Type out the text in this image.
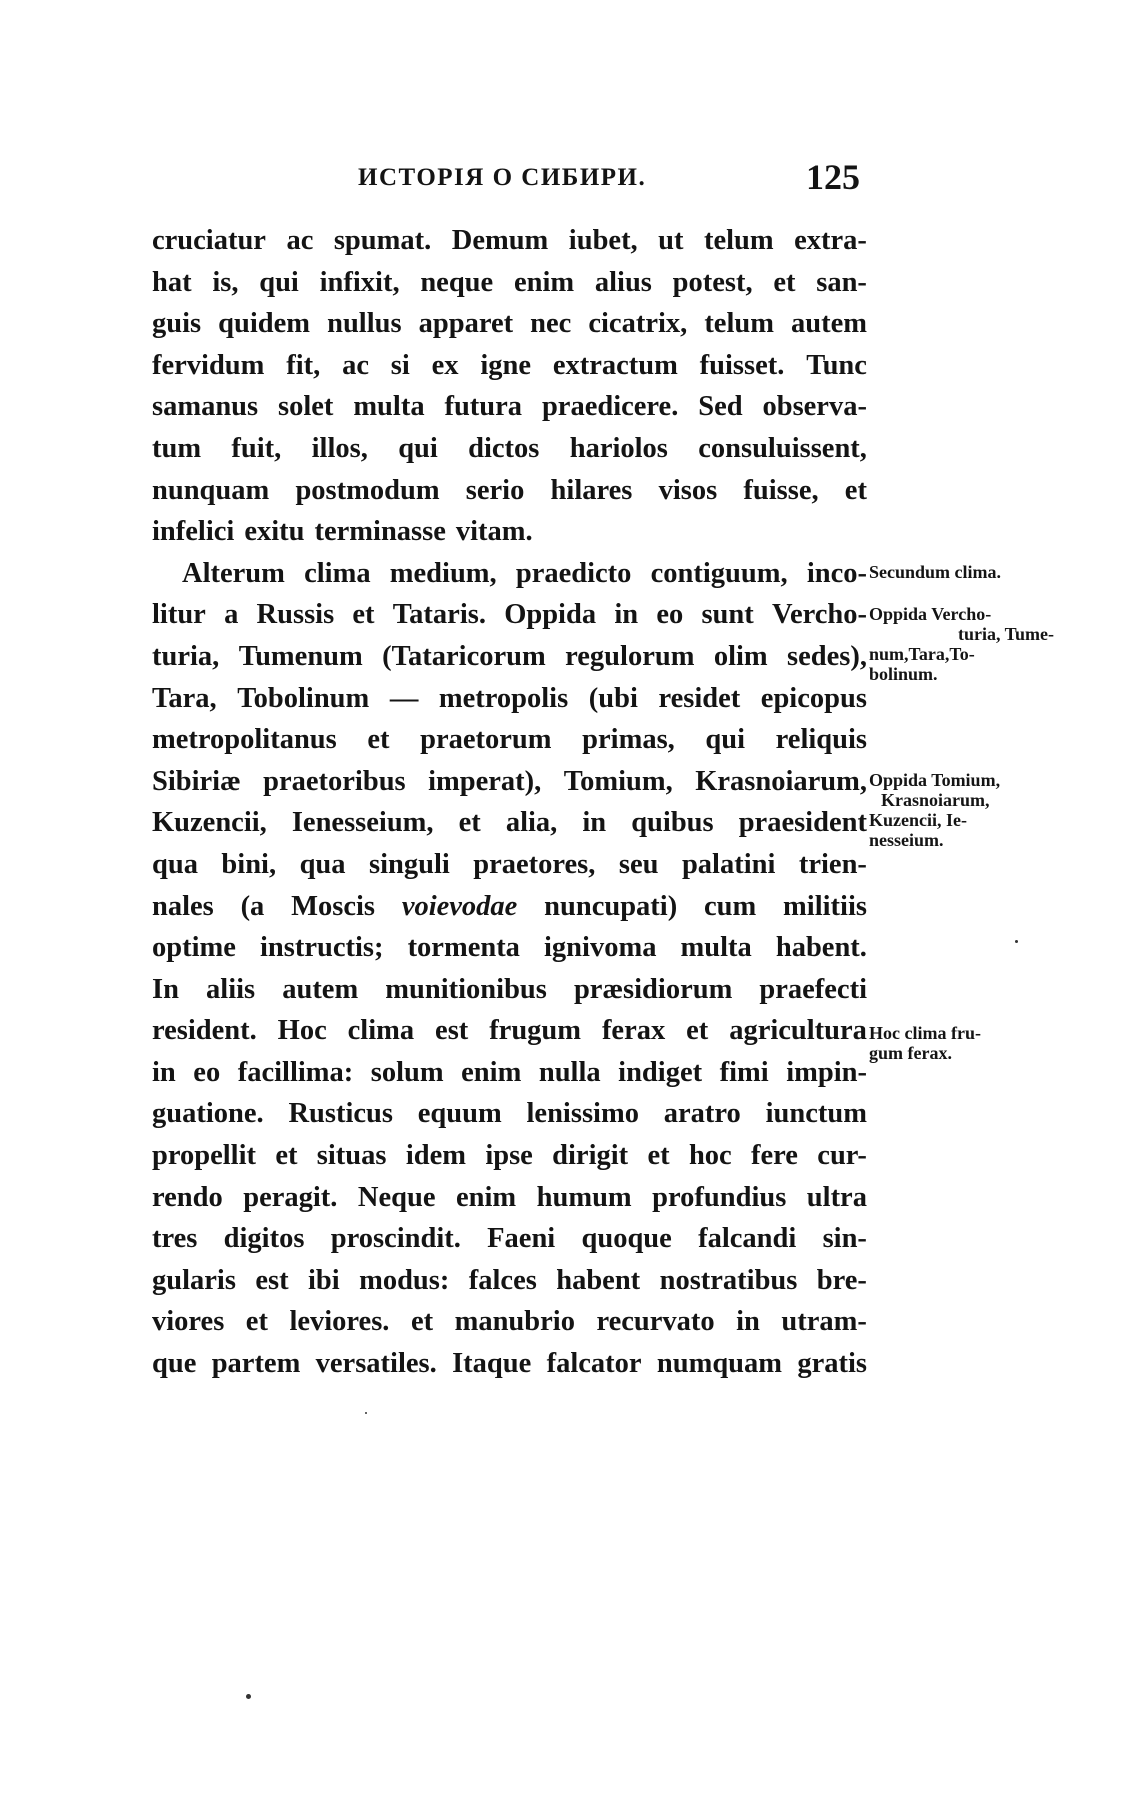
ИСТОРIЯ О СИБИРИ.	125
cruciatur ac spumat. Demum iubet, ut telum extra-
hat is, qui infixit, neque enim alius potest, et san-
guis quidem nullus apparet nec cicatrix, telum autem
fervidum fit, ac si ex igne extractum fuisset. Tunc
samanus solet multa futura praedicere. Sed observa-
tum fuit, illos, qui dictos hariolos consuluissent,
nunquam postmodum serio hilares visos fuisse, et
infelici exitu terminasse vitam.
Alterum clima medium, praedicto contiguum, inco-
litur a Russis et Tataris. Oppida in eo sunt Vercho-
turia, Tumenum (Tataricorum regulorum olim sedes),
Tara, Tobolinum — metropolis (ubi residet epicopus
metropolitanus et praetorum primas, qui reliquis
Sibiriæ praetoribus imperat), Tomium, Krasnoiarum,
Kuzencii, Ienesseium, et alia, in quibus praesident
qua bini, qua singuli praetores, seu palatini trien-
nales (a Moscis voievodae nuncupati) cum militiis
optime instructis; tormenta ignivoma multa habent.
In aliis autem munitionibus præsidiorum praefecti
resident. Hoc clima est frugum ferax et agricultura
in eo facillima: solum enim nulla indiget fimi impin-
guatione. Rusticus equum lenissimo aratro iunctum
propellit et situas idem ipse dirigit et hoc fere cur-
rendo peragit. Neque enim humum profundius ultra
tres digitos proscindit. Faeni quoque falcandi sin-
gularis est ibi modus: falces habent nostratibus bre-
viores et leviores. et manubrio recurvato in utram-
que partem versatiles. Itaque falcator numquam gratis
Secundum clima.
Oppida Vercho-
turia, Tume-
num,Tara,To-
bolinum.
Oppida Tomium,
Krasnoiarum,
Kuzencii, Ie-
nesseium.
Hoc clima fru-
gum ferax.
